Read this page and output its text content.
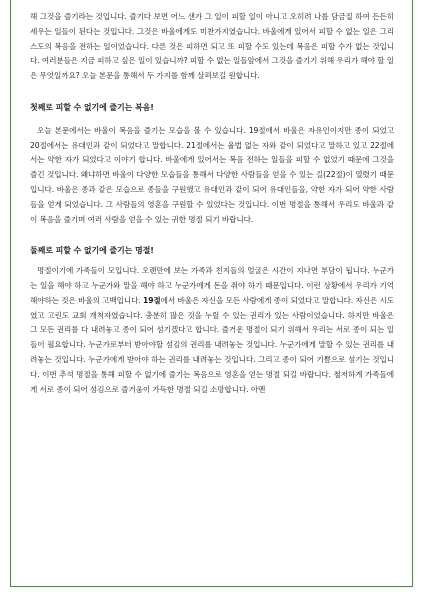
해 그것을 즐기라는 것입니다. 즐기다 보면 어느 샌가 그 일이 피할 일이 아니고 오히려 나를 담금질 하여 든든히 세우는 일들이 된다는 것입니다. 그것은 바울에게도 미찬가지였습니다. 바울에게 있어서 피할 수 없는 일은 그리스도의 복음을 전하는 일이었습니다. 다른 것은 피하면 되고 또 피할 수도 있는데 복음은 피할 수가 없는 것입니다. 여러분들은 지금 피하고 싶은 일이 있습니까? 피할 수 없는 일들앞에서 그것을 즐기기 위해 우리가 해야 할 일은 무엇일까요? 오늘 본문을 통해서 두 가지를 함께 살펴보길 원합니다.

첫째로 피할 수 없기에 즐기는 복음!

오늘 본문에서는 바울이 복음을 즐기는 모습을 볼 수 있습니다. 19절에서 바울은 자유인이지만 종이 되었고 20절에서는 유대인과 같이 되었다고 말합니다. 21절에서는 율법 없는 자와 같이 되었다고 말하고 있고 22절에서는 약한 자가 되었다고 이야기 합니다. 바울에게 있어서는 복음 전하는 일들을 피할 수 없었기 때문에 그것을 즐긴 것입니다. 왜냐하면 바울이 다양한 모습들을 통해서 다양한 사람들을 얻을 수 있는 길(22절)이 열렸기 때문입니다. 바울은 종과 같은 모습으로 종들을 구원했고 유대인과 같이 되어 유대인들을, 약한 자가 되어 약한 사람들을 얻게 되었습니다. 그 사람들의 영혼을 구원할 수 있었다는 것입니다. 이번 명절을 통해서 우리도 바울과 같이 복음을 즐기며 여러 사람을 얻을 수 있는 귀한 명절 되기 바랍니다.

둘째로 피할 수 없기에 즐기는 명절!

명절이기에 가족들이 모입니다. 오랜만에 보는 가족과 친지들의 얼굴은 시간이 지나면 부담이 됩니다. 누군가는 일을 해야 하고 누군가와 말을 해야 하고 누군가에게 돈을 줘야 하기 때문입니다. 이런 상황에서 우리가 기억해야하는 것은 바울의 고백입니다. 19절에서 바울은 자신을 모든 사람에게 종이 되었다고 말합니다. 자신은 시도였고 고린도 교회 개척자였습니다. 충분히 많은 것을 누릴 수 있는 권리가 있는 사람이었습니다. 하지만 바울은 그 모든 권리를 다 내려놓고 종이 되어 섬기겠다고 합니다. 즐거운 명절이 되기 위해서 우리는 서로 종이 되는 일들이 필요합니다. 누군가로부터 받아야할 섬김의 권리를 내려놓는 것입니다. 누군가에게 말할 수 있는 권리를 내려놓는 것입니다. 누군가에게 받아야 하는 권리를 내려놓는 것입니다. 그리고 종이 되어 기쁨으로 섬기는 것입니다. 이번 추석 명절을 통해 피할 수 없기에 즐기는 복음으로 영혼을 얻는 명절 되길 바랍니다. 철저하게 가족들에게 서로 종이 되어 섬김으로 즐거움이 가득한 명절 되길 소망합니다. 아멘
